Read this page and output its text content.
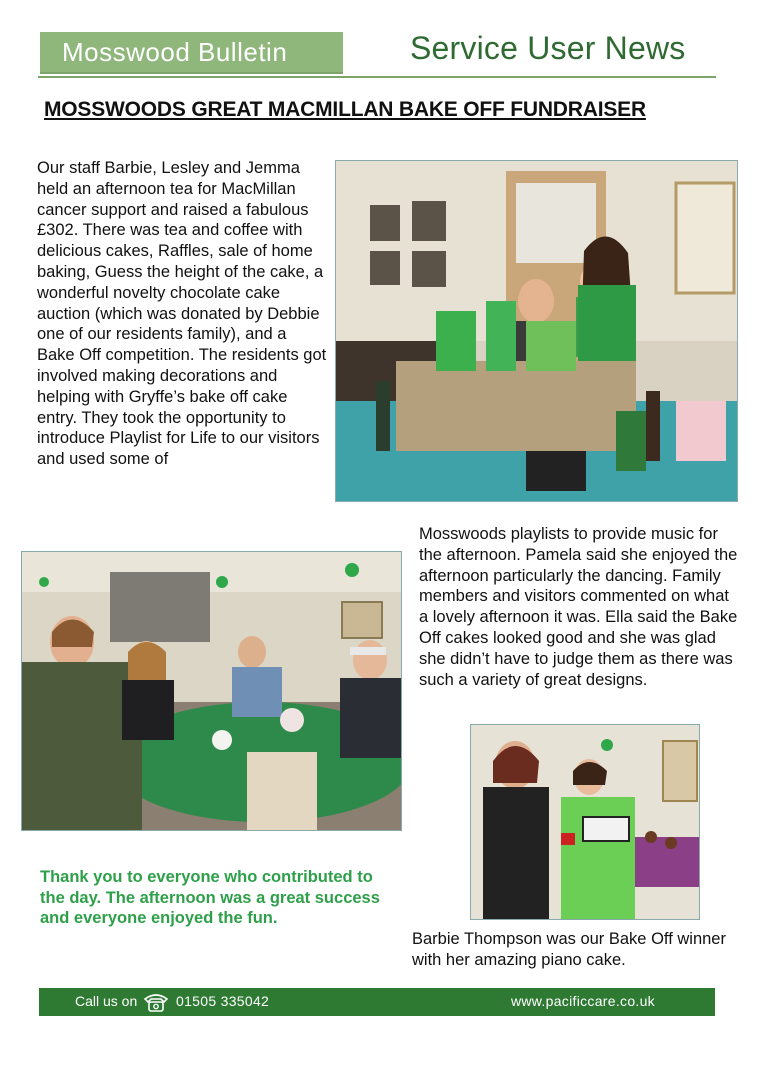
Mosswood Bulletin	Service User News
MOSSWOODS GREAT MACMILLAN BAKE OFF FUNDRAISER
Our staff Barbie, Lesley and Jemma held an afternoon tea for MacMillan cancer support and raised a fabulous £302. There was tea and coffee with delicious cakes, Raffles, sale of home baking, Guess the height of the cake, a wonderful novelty chocolate cake auction (which was donated by Debbie one of our residents family), and a Bake Off competition. The residents got involved making decorations and helping with Gryffe’s bake off cake entry. They took the opportunity to introduce Playlist for Life to our visitors and used some of
Mosswoods playlists to provide music for the afternoon. Pamela said she enjoyed the afternoon particularly the dancing. Family members and visitors commented on what a lovely afternoon it was. Ella said the Bake Off cakes looked good and she was glad she didn’t have to judge them as there was such a variety of great designs.
Thank you to everyone who contributed to the day. The afternoon was a great success and everyone enjoyed the fun.
Barbie Thompson was our Bake Off winner with her amazing piano cake.
Call us on	01505 335042	www.pacificcare.co.uk
